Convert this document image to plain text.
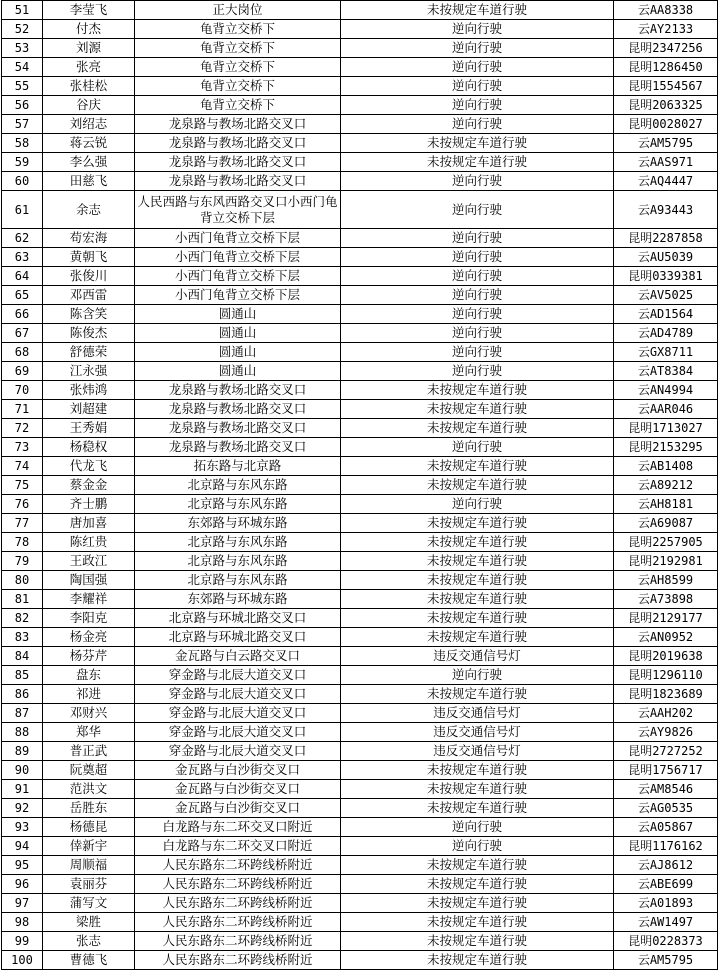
51	李莹飞	正大岗位	未按规定车道行驶	云AA8338
52	付杰	龟背立交桥下	逆向行驶	云AY2133
53	刘源	龟背立交桥下	逆向行驶	昆明2347256
54	张亮	龟背立交桥下	逆向行驶	昆明1286450
55	张桂松	龟背立交桥下	逆向行驶	昆明1554567
56	谷庆	龟背立交桥下	逆向行驶	昆明2063325
57	刘绍志	龙泉路与教场北路交叉口	逆向行驶	昆明0028027
58	蒋云锐	龙泉路与教场北路交叉口	未按规定车道行驶	云AM5795
59	李么强	龙泉路与教场北路交叉口	未按规定车道行驶	云AAS971
60	田慈飞	龙泉路与教场北路交叉口	逆向行驶	云AQ4447
61	余志	人民西路与东风西路交叉口小西门龟背立交桥下层	逆向行驶	云A93443
62	苟宏海	小西门龟背立交桥下层	逆向行驶	昆明2287858
63	黄朝飞	小西门龟背立交桥下层	逆向行驶	云AU5039
64	张俊川	小西门龟背立交桥下层	逆向行驶	昆明0339381
65	邓西雷	小西门龟背立交桥下层	逆向行驶	云AV5025
66	陈含笑	圆通山	逆向行驶	云AD1564
67	陈俊杰	圆通山	逆向行驶	云AD4789
68	舒德荣	圆通山	逆向行驶	云GX8711
69	江永强	圆通山	逆向行驶	云AT8384
70	张炜鸿	龙泉路与教场北路交叉口	未按规定车道行驶	云AN4994
71	刘超建	龙泉路与教场北路交叉口	未按规定车道行驶	云AAR046
72	王秀娟	龙泉路与教场北路交叉口	未按规定车道行驶	昆明1713027
73	杨稳权	龙泉路与教场北路交叉口	逆向行驶	昆明2153295
74	代龙飞	拓东路与北京路	未按规定车道行驶	云AB1408
75	蔡金金	北京路与东风东路	未按规定车道行驶	云A89212
76	齐士鹏	北京路与东风东路	逆向行驶	云AH8181
77	唐加喜	东郊路与环城东路	未按规定车道行驶	云A69087
78	陈红贵	北京路与东风东路	未按规定车道行驶	昆明2257905
79	王政江	北京路与东风东路	未按规定车道行驶	昆明2192981
80	陶国强	北京路与东风东路	未按规定车道行驶	云AH8599
81	李耀祥	东郊路与环城东路	未按规定车道行驶	云A73898
82	李阳克	北京路与环城北路交叉口	未按规定车道行驶	昆明2129177
83	杨金亮	北京路与环城北路交叉口	未按规定车道行驶	云AN0952
84	杨芬芹	金瓦路与白云路交叉口	违反交通信号灯	昆明2019638
85	盘东	穿金路与北辰大道交叉口	逆向行驶	昆明1296110
86	祁进	穿金路与北辰大道交叉口	未按规定车道行驶	昆明1823689
87	邓财兴	穿金路与北辰大道交叉口	违反交通信号灯	云AAH202
88	郑华	穿金路与北辰大道交叉口	违反交通信号灯	云AY9826
89	普正武	穿金路与北辰大道交叉口	违反交通信号灯	昆明2727252
90	阮奠超	金瓦路与白沙街交叉口	未按规定车道行驶	昆明1756717
91	范洪文	金瓦路与白沙街交叉口	未按规定车道行驶	云AM8546
92	岳胜东	金瓦路与白沙街交叉口	未按规定车道行驶	云AG0535
93	杨德昆	白龙路与东二环交叉口附近	逆向行驶	云A05867
94	倖新宇	白龙路与东二环交叉口附近	逆向行驶	昆明1176162
95	周顺福	人民东路东二环跨线桥附近	未按规定车道行驶	云AJ8612
96	袁丽芬	人民东路东二环跨线桥附近	未按规定车道行驶	云ABE699
97	蒲写文	人民东路东二环跨线桥附近	未按规定车道行驶	云A01893
98	梁胜	人民东路东二环跨线桥附近	未按规定车道行驶	云AW1497
99	张志	人民东路东二环跨线桥附近	未按规定车道行驶	昆明0228373
100	曹德飞	人民东路东二环跨线桥附近	未按规定车道行驶	云AM5795
